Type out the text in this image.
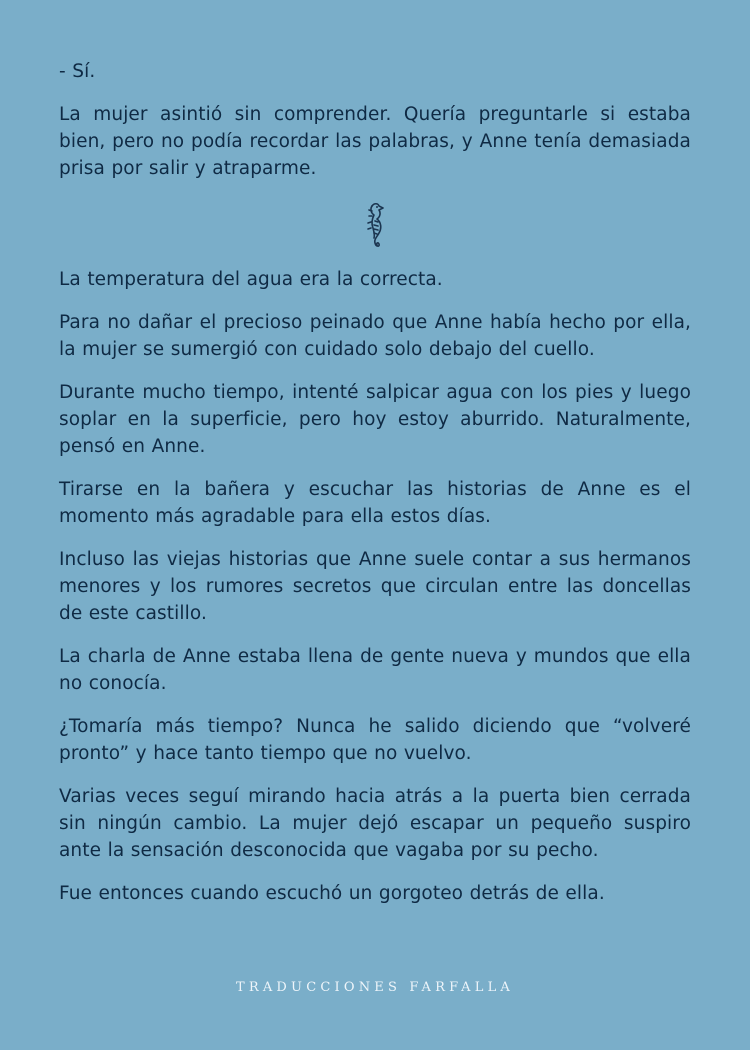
- Sí.

La mujer asintió sin comprender. Quería preguntarle si estaba bien, pero no podía recordar las palabras, y Anne tenía demasiada prisa por salir y atraparme.

La temperatura del agua era la correcta.

Para no dañar el precioso peinado que Anne había hecho por ella, la mujer se sumergió con cuidado solo debajo del cuello.

Durante mucho tiempo, intenté salpicar agua con los pies y luego soplar en la superficie, pero hoy estoy aburrido. Naturalmente, pensó en Anne.

Tirarse en la bañera y escuchar las historias de Anne es el momento más agradable para ella estos días.

Incluso las viejas historias que Anne suele contar a sus hermanos menores y los rumores secretos que circulan entre las doncellas de este castillo.

La charla de Anne estaba llena de gente nueva y mundos que ella no conocía.

¿Tomaría más tiempo? Nunca he salido diciendo que “volveré pronto” y hace tanto tiempo que no vuelvo.

Varias veces seguí mirando hacia atrás a la puerta bien cerrada sin ningún cambio. La mujer dejó escapar un pequeño suspiro ante la sensación desconocida que vagaba por su pecho.

Fue entonces cuando escuchó un gorgoteo detrás de ella.

TRADUCCIONES FARFALLA
